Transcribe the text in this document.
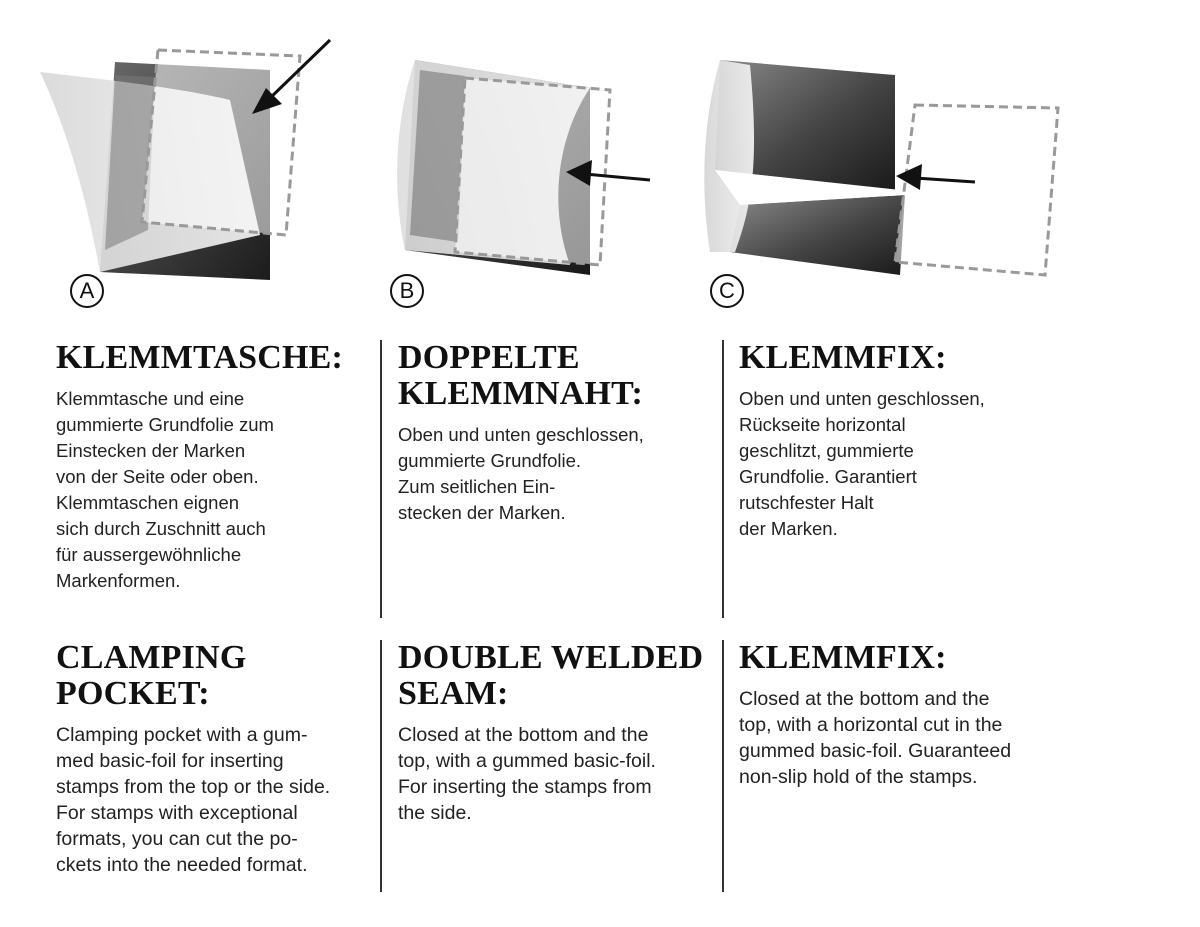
A	B	C
KLEMMTASCHE:

Klemmtasche und eine
gummierte Grundfolie zum
Einstecken der Marken
von der Seite oder oben.
Klemmtaschen eignen
sich durch Zuschnitt auch
für aussergewöhnliche
Markenformen.

DOPPELTE
KLEMMNAHT:

Oben und unten geschlossen,
gummierte Grundfolie.
Zum seitlichen Ein-
stecken der Marken.

KLEMMFIX:

Oben und unten geschlossen,
Rückseite horizontal
geschlitzt, gummierte
Grundfolie. Garantiert
rutschfester Halt
der Marken.

CLAMPING
POCKET:

Clamping pocket with a gum-
med basic-foil for inserting
stamps from the top or the side.
For stamps with exceptional
formats, you can cut the po-
ckets into the needed format.

DOUBLE WELDED
SEAM:

Closed at the bottom and the
top, with a gummed basic-foil.
For inserting the stamps from
the side.

KLEMMFIX:

Closed at the bottom and the
top, with a horizontal cut in the
gummed basic-foil. Guaranteed
non-slip hold of the stamps.
